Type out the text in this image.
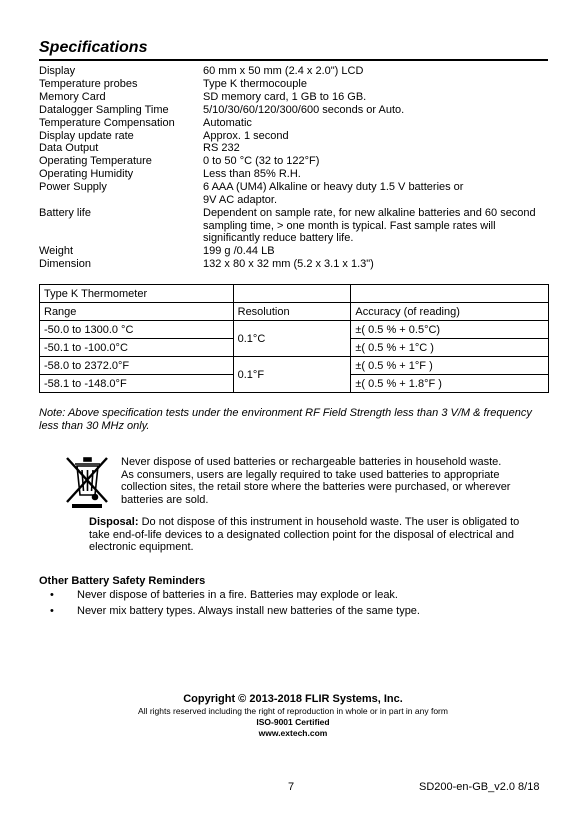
Specifications
Display	60 mm x 50 mm (2.4 x 2.0") LCD
Temperature probes	Type K thermocouple
Memory Card	SD memory card, 1 GB to 16 GB.
Datalogger Sampling Time	5/10/30/60/120/300/600 seconds or Auto.
Temperature Compensation	Automatic
Display update rate	Approx. 1 second
Data Output	RS 232
Operating Temperature	0 to 50 °C (32 to 122°F)
Operating Humidity	Less than 85% R.H.
Power Supply	6 AAA (UM4) Alkaline or heavy duty 1.5 V batteries or
9V AC adaptor.
Battery life	Dependent on sample rate, for new alkaline batteries and 60 second
sampling time, > one month is typical. Fast sample rates will
significantly reduce battery life.
Weight	199 g /0.44 LB
Dimension	132 x 80 x 32 mm (5.2 x 3.1 x 1.3")
Type K Thermometer		
Range	Resolution	Accuracy (of reading)
-50.0 to 1300.0 °C	0.1°C	±( 0.5 % + 0.5°C)
-50.1 to -100.0°C		±( 0.5 % + 1°C )
-58.0 to 2372.0°F	0.1°F	±( 0.5 % + 1°F )
-58.1 to -148.0°F		±( 0.5 % + 1.8°F )
Note: Above specification tests under the environment RF Field Strength less than 3 V/M & frequency
less than 30 MHz only.
Never dispose of used batteries or rechargeable batteries in household waste.
As consumers, users are legally required to take used batteries to appropriate
collection sites, the retail store where the batteries were purchased, or wherever
batteries are sold.
Disposal: Do not dispose of this instrument in household waste. The user is obligated to
take end-of-life devices to a designated collection point for the disposal of electrical and
electronic equipment.
Other Battery Safety Reminders
• Never dispose of batteries in a fire. Batteries may explode or leak.
• Never mix battery types. Always install new batteries of the same type.
Copyright © 2013-2018 FLIR Systems, Inc.
All rights reserved including the right of reproduction in whole or in part in any form
ISO-9001 Certified
www.extech.com
7	SD200-en-GB_v2.0 8/18
